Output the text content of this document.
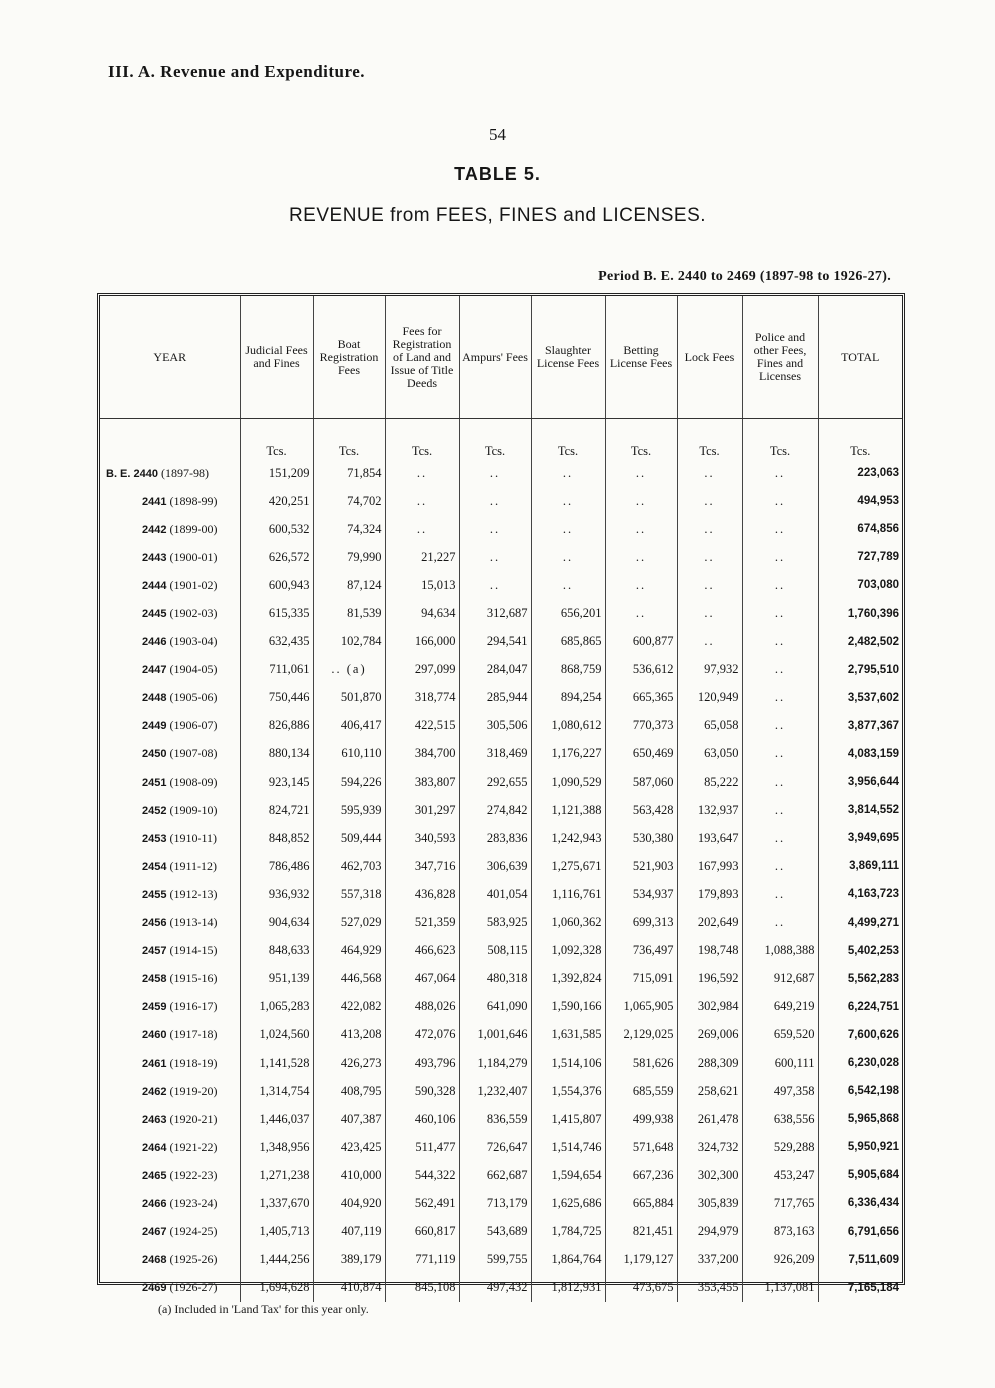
III. A. Revenue and Expenditure.
54
TABLE 5.
REVENUE from FEES, FINES and LICENSES.
Period B. E. 2440 to 2469 (1897-98 to 1926-27).
YEAR	Judicial Fees and Fines	Boat Registration Fees	Fees for Registration of Land and Issue of Title Deeds	Ampurs' Fees	Slaughter License Fees	Betting License Fees	Lock Fees	Police and other Fees, Fines and Licenses	TOTAL
	Tcs.	Tcs.	Tcs.	Tcs.	Tcs.	Tcs.	Tcs.	Tcs.	Tcs.
B. E. 2440 (1897-98)	151,209	71,854	..	..	..	..	..	..	223,063
2441 (1898-99)	420,251	74,702	..	..	..	..	..	..	494,953
2442 (1899-00)	600,532	74,324	..	..	..	..	..	..	674,856
2443 (1900-01)	626,572	79,990	21,227	..	..	..	..	..	727,789
2444 (1901-02)	600,943	87,124	15,013	..	..	..	..	..	703,080
2445 (1902-03)	615,335	81,539	94,634	312,687	656,201	..	..	..	1,760,396
2446 (1903-04)	632,435	102,784	166,000	294,541	685,865	600,877	..	..	2,482,502
2447 (1904-05)	711,061	.. (a)	297,099	284,047	868,759	536,612	97,932	..	2,795,510
2448 (1905-06)	750,446	501,870	318,774	285,944	894,254	665,365	120,949	..	3,537,602
2449 (1906-07)	826,886	406,417	422,515	305,506	1,080,612	770,373	65,058	..	3,877,367
2450 (1907-08)	880,134	610,110	384,700	318,469	1,176,227	650,469	63,050	..	4,083,159
2451 (1908-09)	923,145	594,226	383,807	292,655	1,090,529	587,060	85,222	..	3,956,644
2452 (1909-10)	824,721	595,939	301,297	274,842	1,121,388	563,428	132,937	..	3,814,552
2453 (1910-11)	848,852	509,444	340,593	283,836	1,242,943	530,380	193,647	..	3,949,695
2454 (1911-12)	786,486	462,703	347,716	306,639	1,275,671	521,903	167,993	..	3,869,111
2455 (1912-13)	936,932	557,318	436,828	401,054	1,116,761	534,937	179,893	..	4,163,723
2456 (1913-14)	904,634	527,029	521,359	583,925	1,060,362	699,313	202,649	..	4,499,271
2457 (1914-15)	848,633	464,929	466,623	508,115	1,092,328	736,497	198,748	1,088,388	5,402,253
2458 (1915-16)	951,139	446,568	467,064	480,318	1,392,824	715,091	196,592	912,687	5,562,283
2459 (1916-17)	1,065,283	422,082	488,026	641,090	1,590,166	1,065,905	302,984	649,219	6,224,751
2460 (1917-18)	1,024,560	413,208	472,076	1,001,646	1,631,585	2,129,025	269,006	659,520	7,600,626
2461 (1918-19)	1,141,528	426,273	493,796	1,184,279	1,514,106	581,626	288,309	600,111	6,230,028
2462 (1919-20)	1,314,754	408,795	590,328	1,232,407	1,554,376	685,559	258,621	497,358	6,542,198
2463 (1920-21)	1,446,037	407,387	460,106	836,559	1,415,807	499,938	261,478	638,556	5,965,868
2464 (1921-22)	1,348,956	423,425	511,477	726,647	1,514,746	571,648	324,732	529,288	5,950,921
2465 (1922-23)	1,271,238	410,000	544,322	662,687	1,594,654	667,236	302,300	453,247	5,905,684
2466 (1923-24)	1,337,670	404,920	562,491	713,179	1,625,686	665,884	305,839	717,765	6,336,434
2467 (1924-25)	1,405,713	407,119	660,817	543,689	1,784,725	821,451	294,979	873,163	6,791,656
2468 (1925-26)	1,444,256	389,179	771,119	599,755	1,864,764	1,179,127	337,200	926,209	7,511,609
2469 (1926-27)	1,694,628	410,874	845,108	497,432	1,812,931	473,675	353,455	1,137,081	7,165,184
(a) Included in 'Land Tax' for this year only.
